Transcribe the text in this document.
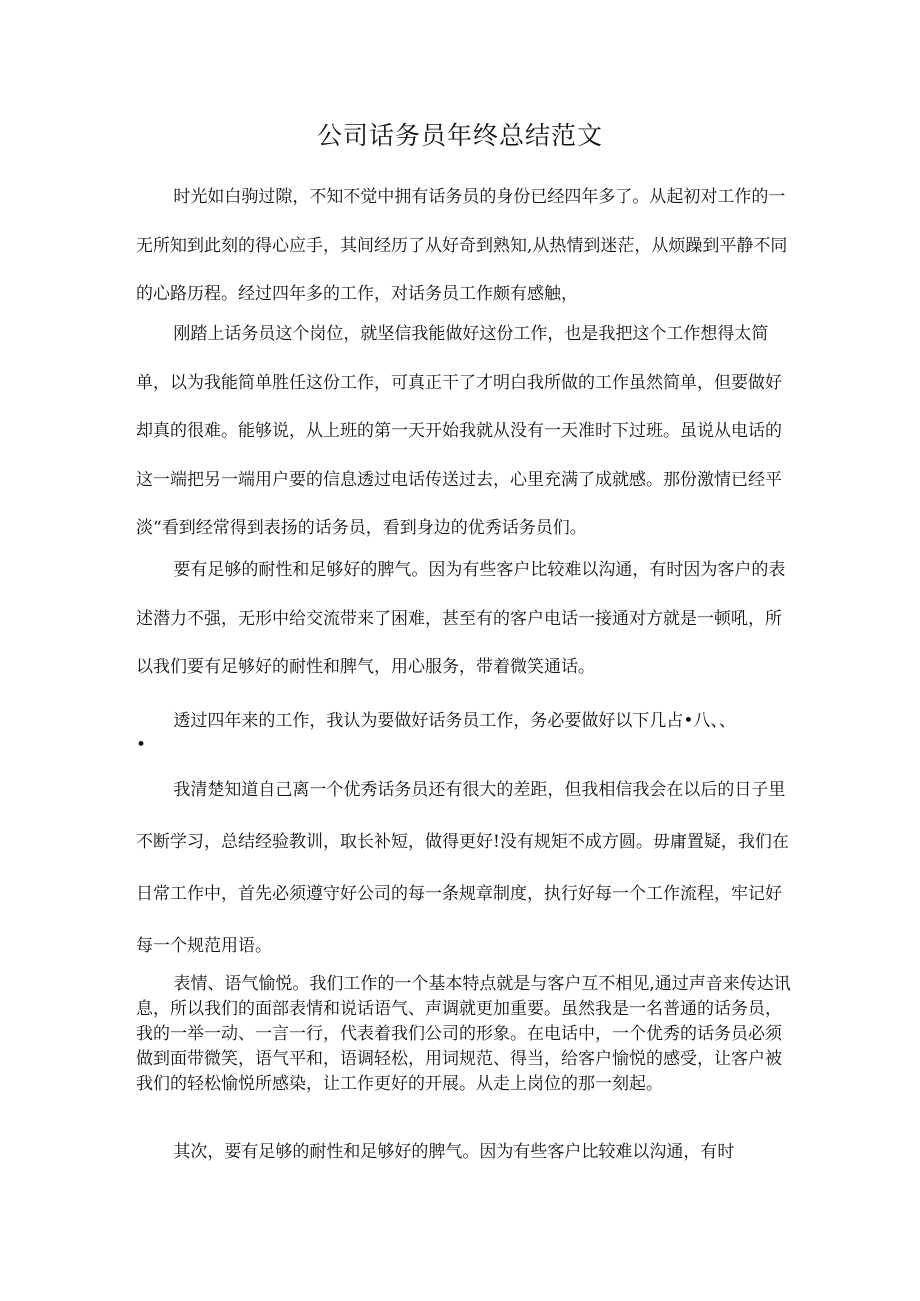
公司话务员年终总结范文

时光如白驹过隙，不知不觉中拥有话务员的身份已经四年多了。从起初对工作的一无所知到此刻的得心应手，其间经历了从好奇到熟知,从热情到迷茫，从烦躁到平静不同的心路历程。经过四年多的工作，对话务员工作颇有感触，

刚踏上话务员这个岗位，就坚信我能做好这份工作，也是我把这个工作想得太简单，以为我能简单胜任这份工作，可真正干了才明白我所做的工作虽然简单，但要做好却真的很难。能够说，从上班的第一天开始我就从没有一天准时下过班。虽说从电话的这一端把另一端用户要的信息透过电话传送过去，心里充满了成就感。那份激情已经平淡“看到经常得到表扬的话务员，看到身边的优秀话务员们。

要有足够的耐性和足够好的脾气。因为有些客户比较难以沟通，有时因为客户的表述潜力不强，无形中给交流带来了困难，甚至有的客户电话一接通对方就是一顿吼，所以我们要有足够好的耐性和脾气，用心服务，带着微笑通话。

透过四年来的工作，我认为要做好话务员工作，务必要做好以下几占•八、、

•

我清楚知道自己离一个优秀话务员还有很大的差距，但我相信我会在以后的日子里不断学习，总结经验教训，取长补短，做得更好!没有规矩不成方圆。毋庸置疑，我们在日常工作中，首先必须遵守好公司的每一条规章制度，执行好每一个工作流程，牢记好每一个规范用语。

表情、语气愉悦。我们工作的一个基本特点就是与客户互不相见,通过声音来传达讯息，所以我们的面部表情和说话语气、声调就更加重要。虽然我是一名普通的话务员，我的一举一动、一言一行，代表着我们公司的形象。在电话中，一个优秀的话务员必须做到面带微笑，语气平和，语调轻松，用词规范、得当，给客户愉悦的感受，让客户被我们的轻松愉悦所感染，让工作更好的开展。从走上岗位的那一刻起。

其次，要有足够的耐性和足够好的脾气。因为有些客户比较难以沟通，有时
